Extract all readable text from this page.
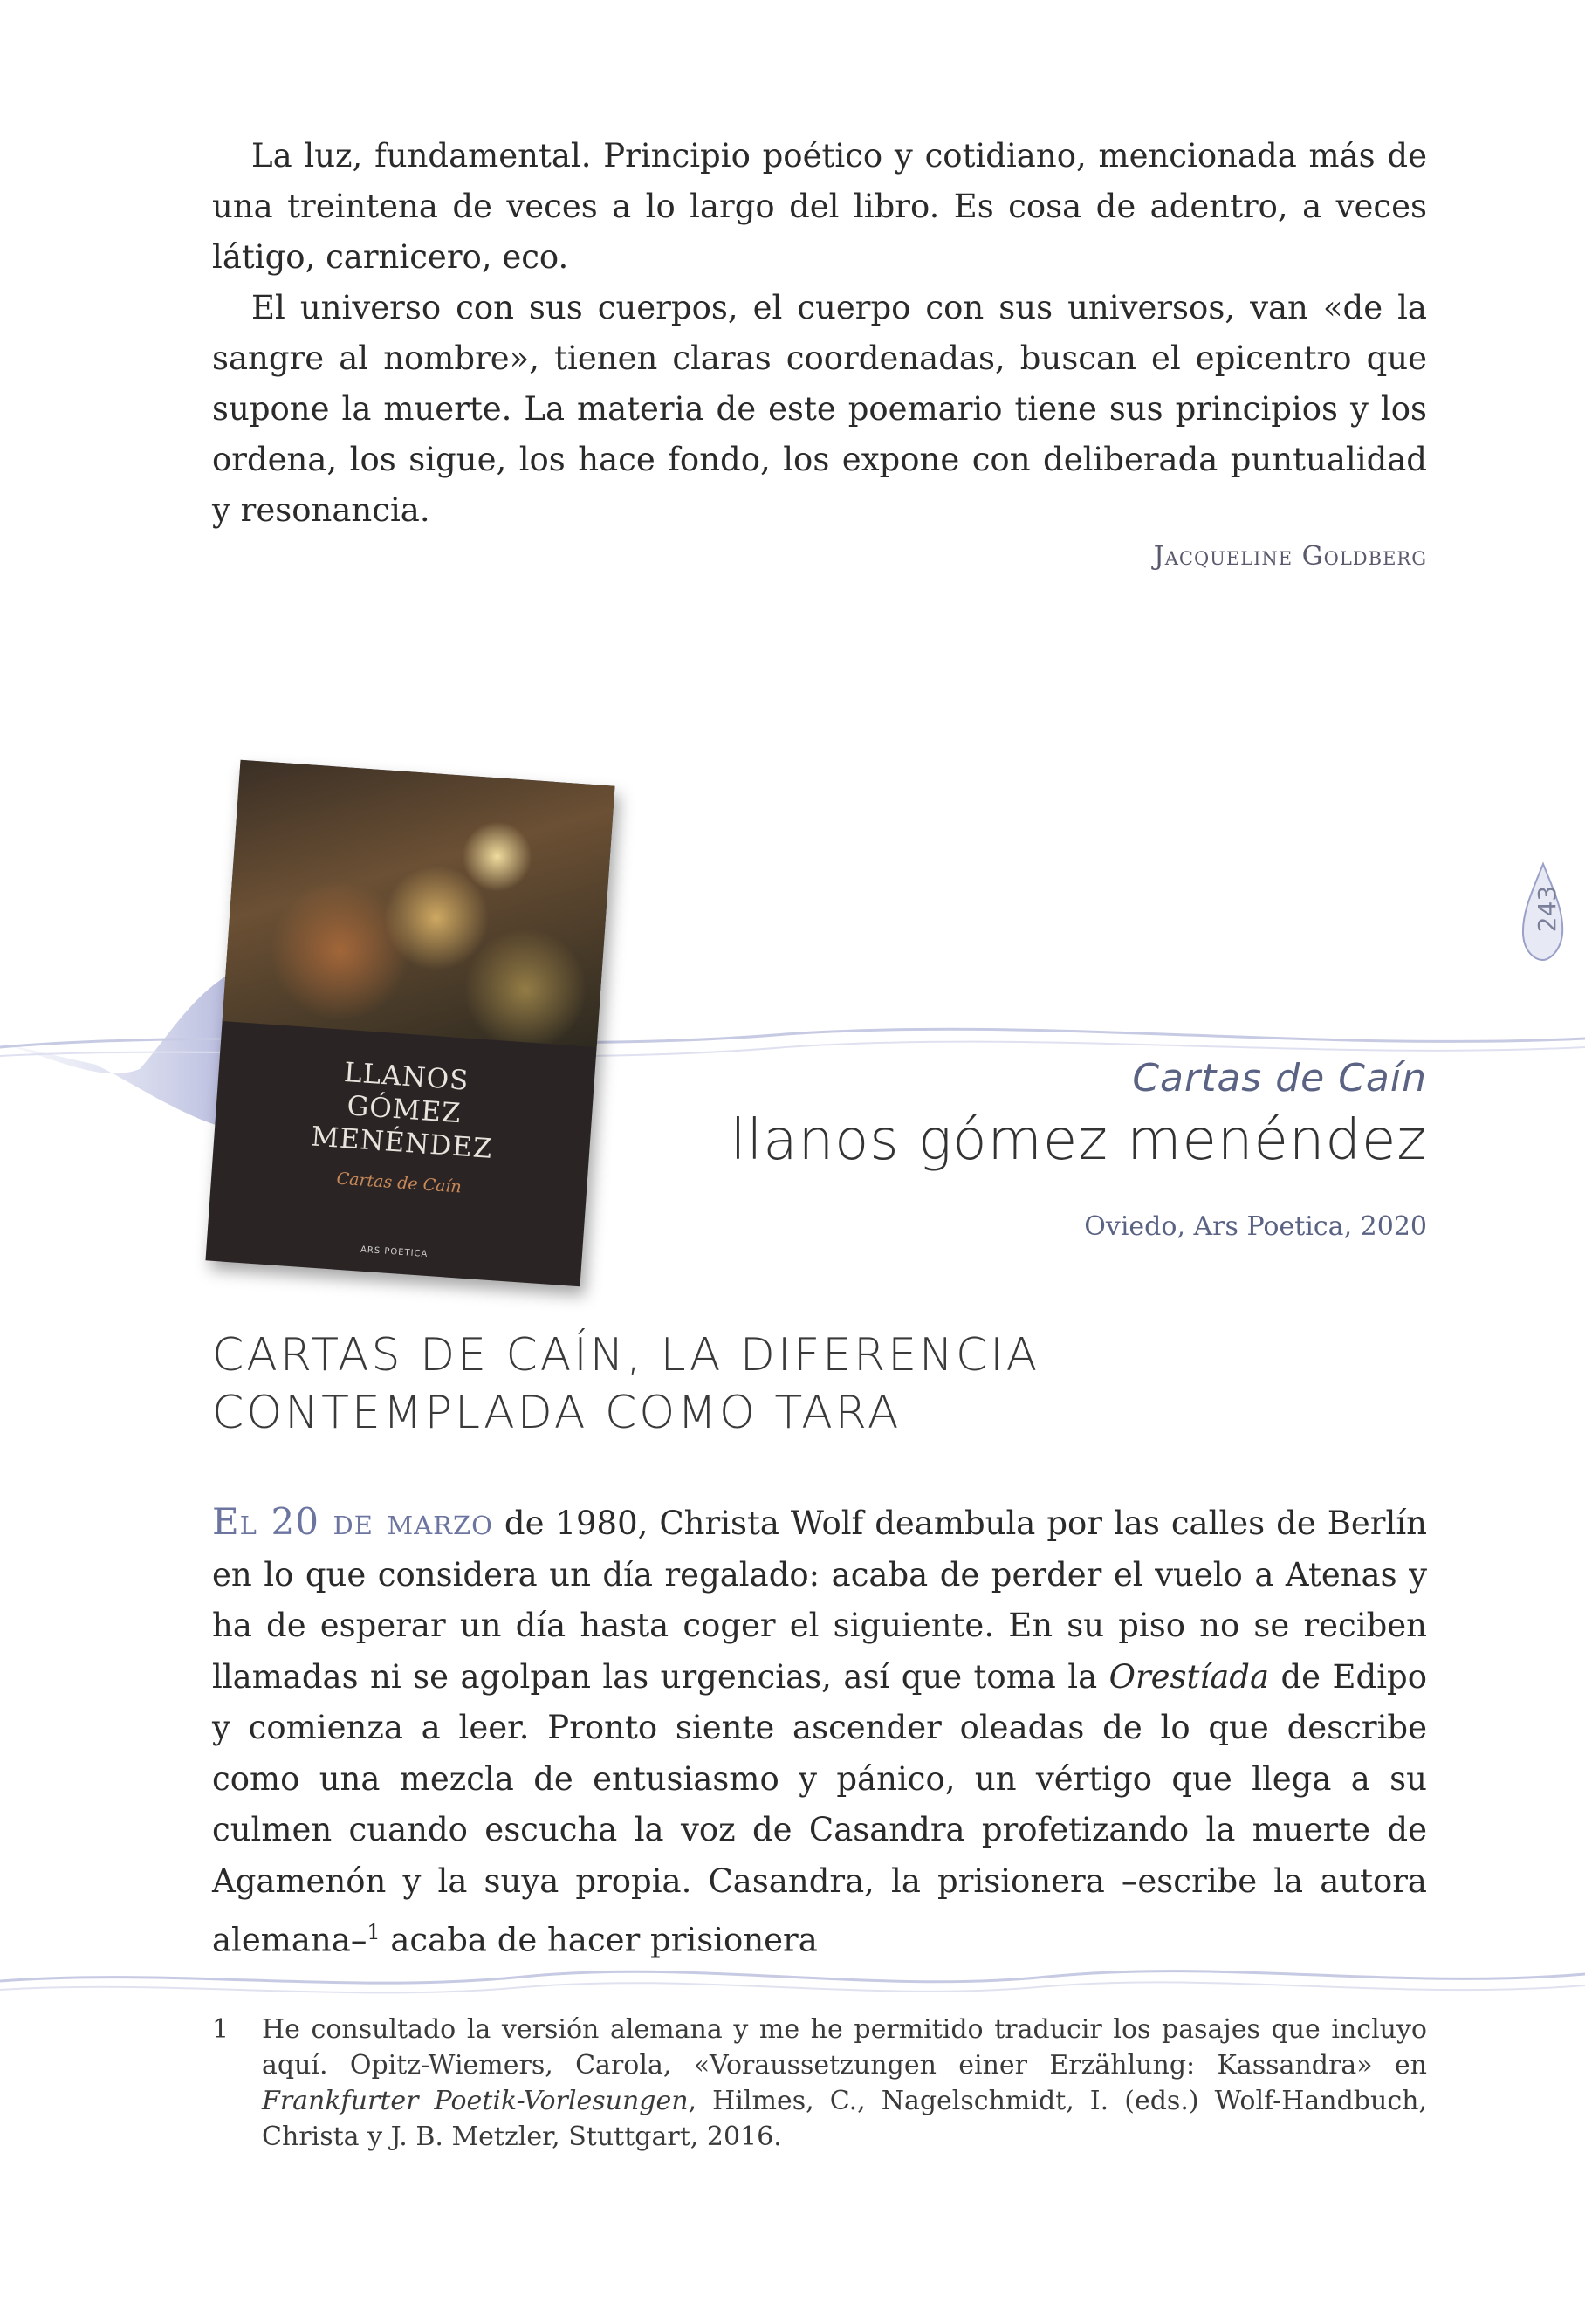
La luz, fundamental. Principio poético y cotidiano, mencionada más de una treintena de veces a lo largo del libro. Es cosa de adentro, a veces látigo, carnicero, eco.

El universo con sus cuerpos, el cuerpo con sus universos, van «de la sangre al nombre», tienen claras coordenadas, buscan el epicentro que supone la muerte. La materia de este poemario tiene sus principios y los ordena, los sigue, los hace fondo, los expone con deliberada puntualidad y resonancia.

Jacqueline Goldberg
243
LLANOS
GÓMEZ
MENÉNDEZ
Cartas de Caín
ARS POETICA
Cartas de Caín
llanos gómez menéndez
Oviedo, Ars Poetica, 2020
CARTAS DE CAÍN, LA DIFERENCIA CONTEMPLADA COMO TARA
El 20 de marzo de 1980, Christa Wolf deambula por las calles de Berlín en lo que considera un día regalado: acaba de perder el vuelo a Atenas y ha de esperar un día hasta coger el siguiente. En su piso no se reciben llamadas ni se agolpan las urgencias, así que toma la Orestíada de Edipo y comienza a leer. Pronto siente ascender oleadas de lo que describe como una mezcla de entusiasmo y pánico, un vértigo que llega a su culmen cuando escucha la voz de Casandra profetizando la muerte de Agamenón y la suya propia. Casandra, la prisionera –escribe la autora alemana–$^1$ acaba de hacer prisionera
1 He consultado la versión alemana y me he permitido traducir los pasajes que incluyo aquí. Opitz-Wiemers, Carola, «Voraussetzungen einer Erzählung: Kassandra» en Frankfurter Poetik-Vorlesungen, Hilmes, C., Nagelschmidt, I. (eds.) Wolf-Handbuch, Christa y J. B. Metzler, Stuttgart, 2016.
